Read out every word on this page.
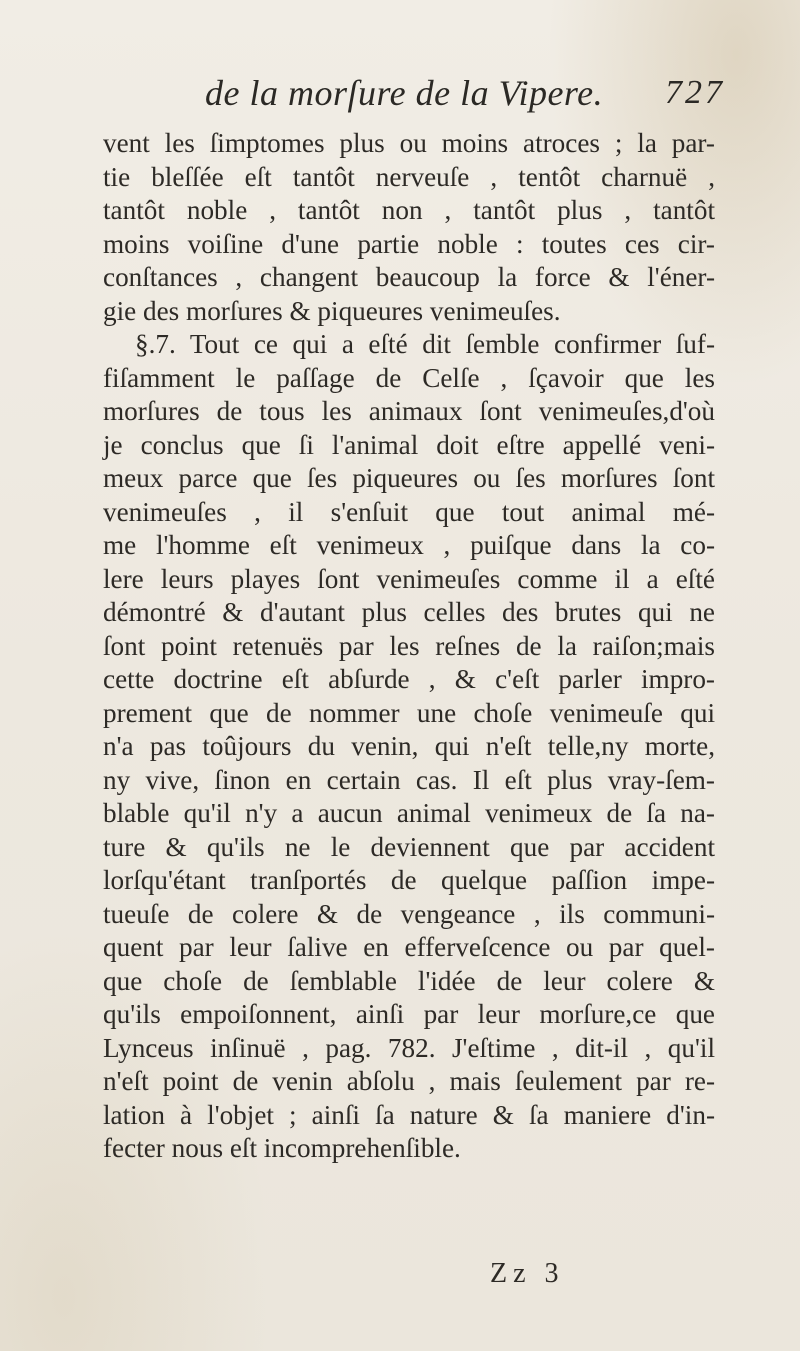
de la morſure de la Vipere. 727
vent les ſimptomes plus ou moins atroces ; la par-
tie bleſſée eſt tantôt nerveuſe , tentôt charnuë ,
tantôt noble , tantôt non , tantôt plus , tantôt
moins voiſine d'une partie noble : toutes ces cir-
conſtances , changent beaucoup la force & l'éner-
gie des morſures & piqueures venimeuſes.
§.7. Tout ce qui a eſté dit ſemble confirmer ſuf-
fiſamment le paſſage de Celſe , ſçavoir que les
morſures de tous les animaux ſont venimeuſes,d'où
je conclus que ſi l'animal doit eſtre appellé veni-
meux parce que ſes piqueures ou ſes morſures ſont
venimeuſes , il s'enſuit que tout animal mé-
me l'homme eſt venimeux , puiſque dans la co-
lere leurs playes ſont venimeuſes comme il a eſté
démontré & d'autant plus celles des brutes qui ne
ſont point retenuës par les reſnes de la raiſon;mais
cette doctrine eſt abſurde , & c'eſt parler impro-
prement que de nommer une choſe venimeuſe qui
n'a pas toûjours du venin, qui n'eſt telle,ny morte,
ny vive, ſinon en certain cas. Il eſt plus vray-ſem-
blable qu'il n'y a aucun animal venimeux de ſa na-
ture & qu'ils ne le deviennent que par accident
lorſqu'étant tranſportés de quelque paſſion impe-
tueuſe de colere & de vengeance , ils communi-
quent par leur ſalive en efferveſcence ou par quel-
que choſe de ſemblable l'idée de leur colere &
qu'ils empoiſonnent, ainſi par leur morſure,ce que
Lynceus inſinuë , pag. 782. J'eſtime , dit-il , qu'il
n'eſt point de venin abſolu , mais ſeulement par re-
lation à l'objet ; ainſi ſa nature & ſa maniere d'in-
fecter nous eſt incomprehenſible.
Zz 3
